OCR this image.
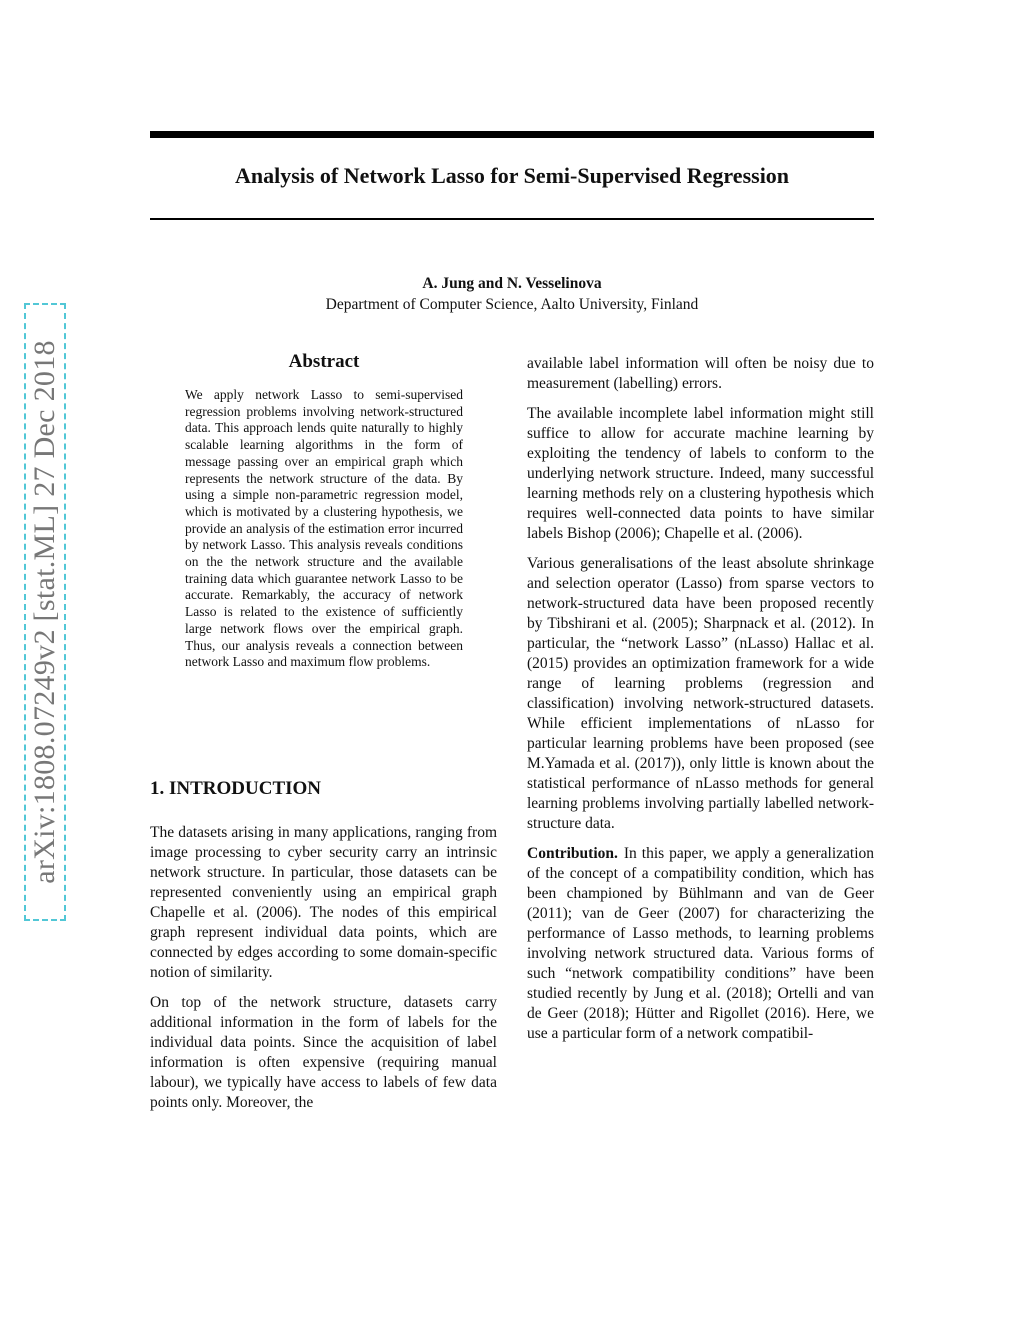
arXiv:1808.07249v2 [stat.ML] 27 Dec 2018
Analysis of Network Lasso for Semi-Supervised Regression
A. Jung and N. Vesselinova
Department of Computer Science, Aalto University, Finland
Abstract
We apply network Lasso to semi-supervised regression problems involving network-structured data. This approach lends quite naturally to highly scalable learning algorithms in the form of message passing over an empirical graph which represents the network structure of the data. By using a simple non-parametric regression model, which is motivated by a clustering hypothesis, we provide an analysis of the estimation error incurred by network Lasso. This analysis reveals conditions on the the network structure and the available training data which guarantee network Lasso to be accurate. Remarkably, the accuracy of network Lasso is related to the existence of sufficiently large network flows over the empirical graph. Thus, our analysis reveals a connection between network Lasso and maximum flow problems.
1. INTRODUCTION

The datasets arising in many applications, ranging from image processing to cyber security carry an intrinsic network structure. In particular, those datasets can be represented conveniently using an empirical graph Chapelle et al. (2006). The nodes of this empirical graph represent individual data points, which are connected by edges according to some domain-specific notion of similarity.

On top of the network structure, datasets carry additional information in the form of labels for the individual data points. Since the acquisition of label information is often expensive (requiring manual labour), we typically have access to labels of few data points only. Moreover, the

available label information will often be noisy due to measurement (labelling) errors.

The available incomplete label information might still suffice to allow for accurate machine learning by exploiting the tendency of labels to conform to the underlying network structure. Indeed, many successful learning methods rely on a clustering hypothesis which requires well-connected data points to have similar labels Bishop (2006); Chapelle et al. (2006).

Various generalisations of the least absolute shrinkage and selection operator (Lasso) from sparse vectors to network-structured data have been proposed recently by Tibshirani et al. (2005); Sharpnack et al. (2012). In particular, the “network Lasso” (nLasso) Hallac et al. (2015) provides an optimization framework for a wide range of learning problems (regression and classification) involving network-structured datasets. While efficient implementations of nLasso for particular learning problems have been proposed (see M.Yamada et al. (2017)), only little is known about the statistical performance of nLasso methods for general learning problems involving partially labelled network-structure data.

Contribution. In this paper, we apply a generalization of the concept of a compatibility condition, which has been championed by Bühlmann and van de Geer (2011); van de Geer (2007) for characterizing the performance of Lasso methods, to learning problems involving network structured data. Various forms of such “network compatibility conditions” have been studied recently by Jung et al. (2018); Ortelli and van de Geer (2018); Hütter and Rigollet (2016). Here, we use a particular form of a network compatibil-
